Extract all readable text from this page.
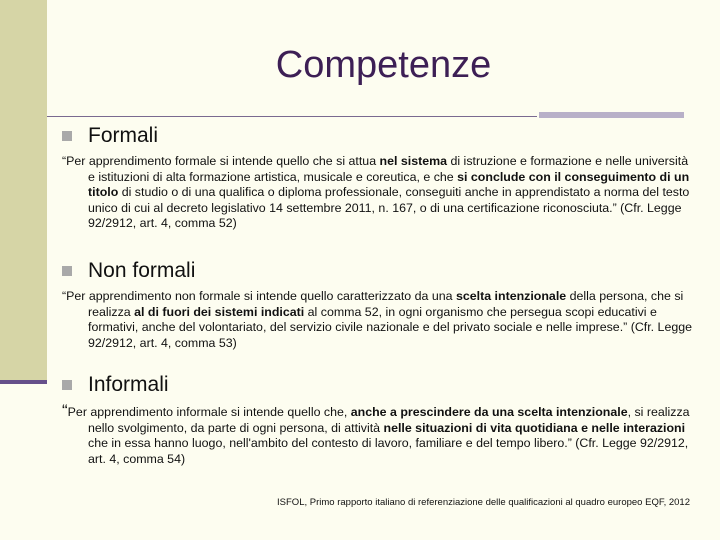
Competenze
Formali

“Per apprendimento formale si intende quello che si attua nel sistema di istruzione e formazione e nelle università e istituzioni di alta formazione artistica, musicale e coreutica, e che si conclude con il conseguimento di un titolo di studio o di una qualifica o diploma professionale, conseguiti anche in apprendistato a norma del testo unico di cui al decreto legislativo 14 settembre 2011, n. 167, o di una certificazione riconosciuta.” (Cfr. Legge 92/2912, art. 4, comma 52)

Non formali

“Per apprendimento non formale si intende quello caratterizzato da una scelta intenzionale della persona, che si realizza al di fuori dei sistemi indicati al comma 52, in ogni organismo che persegua scopi educativi e formativi, anche del volontariato, del servizio civile nazionale e del privato sociale e nelle imprese.” (Cfr. Legge 92/2912, art. 4, comma 53)

Informali

“Per apprendimento informale si intende quello che, anche a prescindere da una scelta intenzionale, si realizza nello svolgimento, da parte di ogni persona, di attività nelle situazioni di vita quotidiana e nelle interazioni che in essa hanno luogo, nell'ambito del contesto di lavoro, familiare e del tempo libero.” (Cfr. Legge 92/2912, art. 4, comma 54)

ISFOL, Primo rapporto italiano di referenziazione delle qualificazioni al quadro europeo EQF, 2012
